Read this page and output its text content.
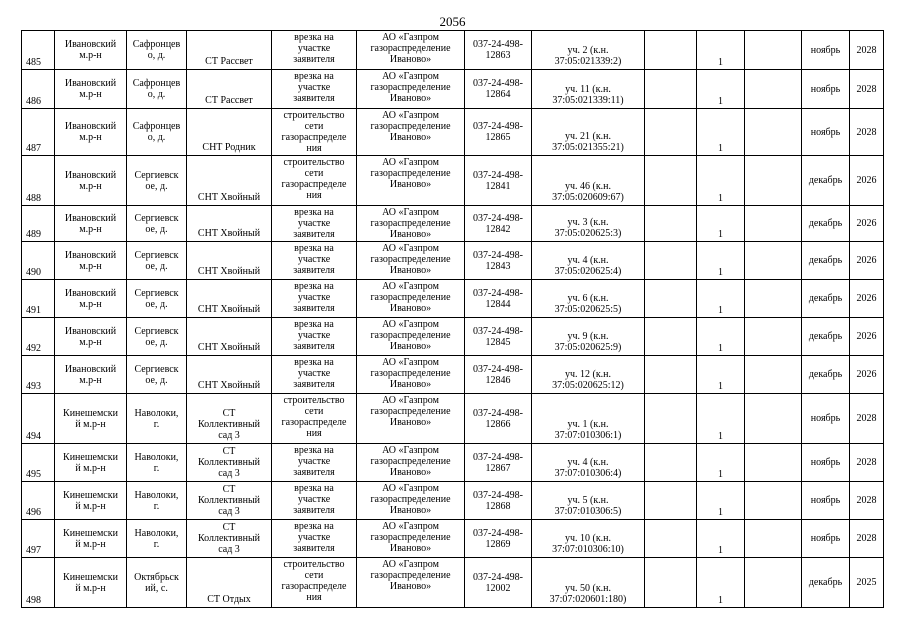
2056
485	Ивановский
м.р-н	Сафронцев
о, д.	СТ Рассвет	врезка на
участке
заявителя	АО «Газпром
газораспределение
Иваново»	037-24-498-
12863	уч. 2 (к.н.
37:05:021339:2)		1		ноябрь	2028

486	Ивановский
м.р-н	Сафронцев
о, д.	СТ Рассвет	врезка на
участке
заявителя	АО «Газпром
газораспределение
Иваново»	037-24-498-
12864	уч. 11 (к.н.
37:05:021339:11)		1		ноябрь	2028

487	Ивановский
м.р-н	Сафронцев
о, д.	СНТ Родник	строительство
сети
газораспределе
ния	АО «Газпром
газораспределение
Иваново»	037-24-498-
12865	уч. 21 (к.н.
37:05:021355:21)		1		ноябрь	2028

488	Ивановский
м.р-н	Сергиевск
ое, д.	СНТ Хвойный	строительство
сети
газораспределе
ния	АО «Газпром
газораспределение
Иваново»	037-24-498-
12841	уч. 46 (к.н.
37:05:020609:67)		1		декабрь	2026

489	Ивановский
м.р-н	Сергиевск
ое, д.	СНТ Хвойный	врезка на
участке
заявителя	АО «Газпром
газораспределение
Иваново»	037-24-498-
12842	уч. 3 (к.н.
37:05:020625:3)		1		декабрь	2026

490	Ивановский
м.р-н	Сергиевск
ое, д.	СНТ Хвойный	врезка на
участке
заявителя	АО «Газпром
газораспределение
Иваново»	037-24-498-
12843	уч. 4 (к.н.
37:05:020625:4)		1		декабрь	2026

491	Ивановский
м.р-н	Сергиевск
ое, д.	СНТ Хвойный	врезка на
участке
заявителя	АО «Газпром
газораспределение
Иваново»	037-24-498-
12844	уч. 6 (к.н.
37:05:020625:5)		1		декабрь	2026

492	Ивановский
м.р-н	Сергиевск
ое, д.	СНТ Хвойный	врезка на
участке
заявителя	АО «Газпром
газораспределение
Иваново»	037-24-498-
12845	уч. 9 (к.н.
37:05:020625:9)		1		декабрь	2026

493	Ивановский
м.р-н	Сергиевск
ое, д.	СНТ Хвойный	врезка на
участке
заявителя	АО «Газпром
газораспределение
Иваново»	037-24-498-
12846	уч. 12 (к.н.
37:05:020625:12)		1		декабрь	2026

494	Кинешемски
й м.р-н	Наволоки,
г.	СТ
Коллективный
сад 3	строительство
сети
газораспределе
ния	АО «Газпром
газораспределение
Иваново»	037-24-498-
12866	уч. 1 (к.н.
37:07:010306:1)		1		ноябрь	2028

495	Кинешемски
й м.р-н	Наволоки,
г.	СТ
Коллективный
сад 3	врезка на
участке
заявителя	АО «Газпром
газораспределение
Иваново»	037-24-498-
12867	уч. 4 (к.н.
37:07:010306:4)		1		ноябрь	2028

496	Кинешемски
й м.р-н	Наволоки,
г.	СТ
Коллективный
сад 3	врезка на
участке
заявителя	АО «Газпром
газораспределение
Иваново»	037-24-498-
12868	уч. 5 (к.н.
37:07:010306:5)		1		ноябрь	2028

497	Кинешемски
й м.р-н	Наволоки,
г.	СТ
Коллективный
сад 3	врезка на
участке
заявителя	АО «Газпром
газораспределение
Иваново»	037-24-498-
12869	уч. 10 (к.н.
37:07:010306:10)		1		ноябрь	2028

498	Кинешемски
й м.р-н	Октябрьск
ий, с.	СТ Отдых	строительство
сети
газораспределе
ния	АО «Газпром
газораспределение
Иваново»	037-24-498-
12002	уч. 50 (к.н.
37:07:020601:180)		1		декабрь	2025
